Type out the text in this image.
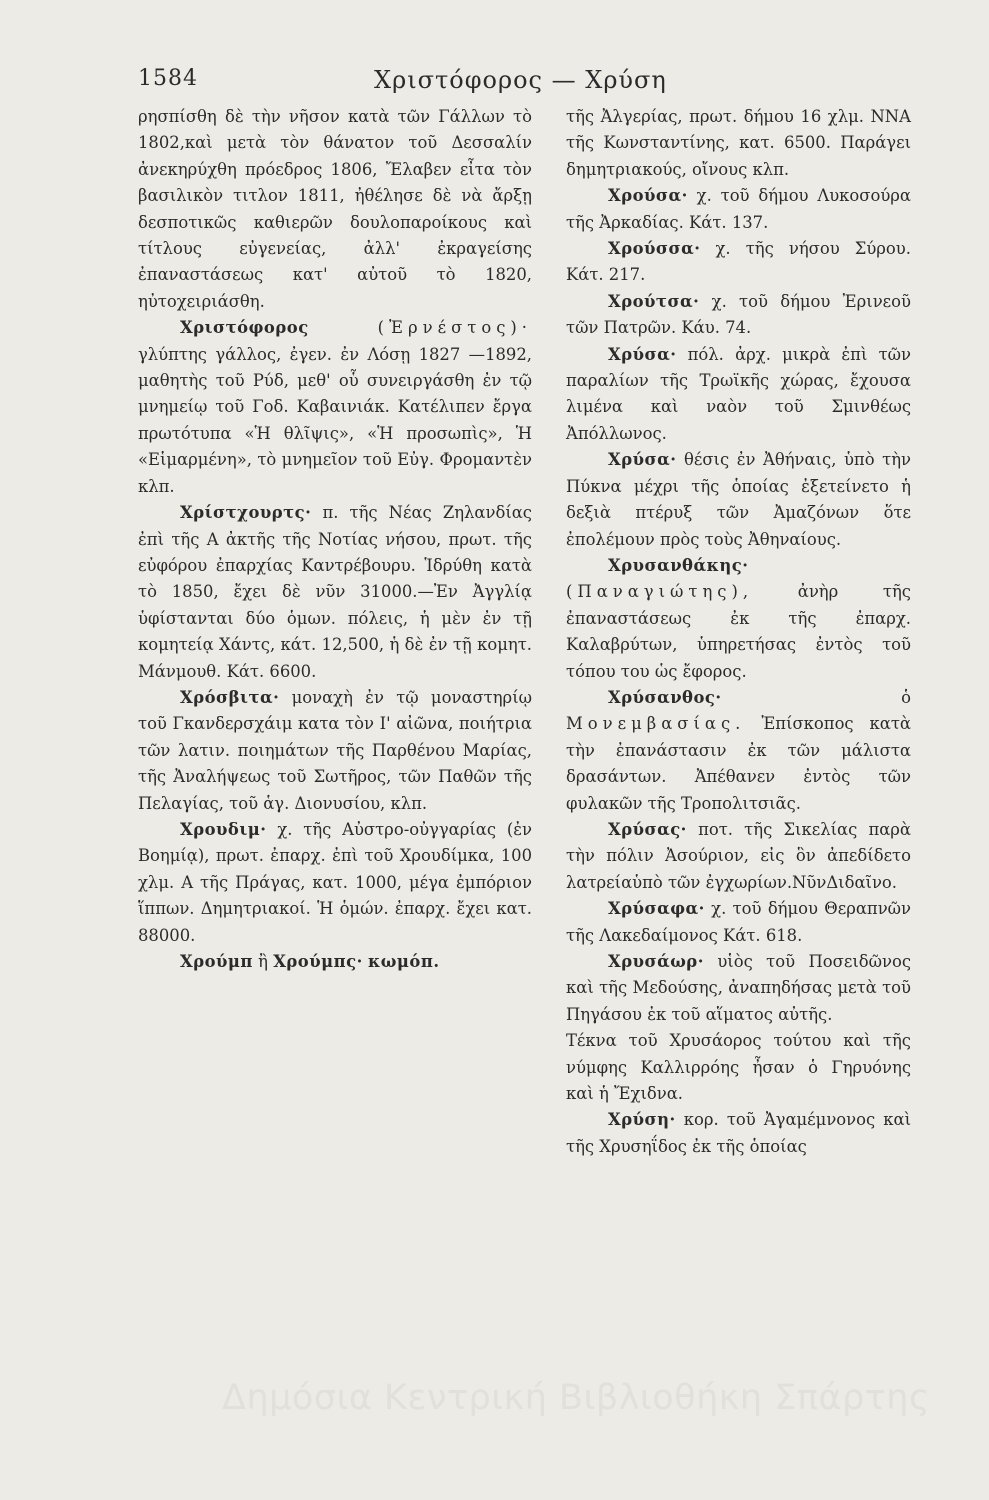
1584	Χριστόφορος — Χρύση

ρησπίσθη δὲ τὴν νῆσον κατὰ τῶν Γάλλων τὸ 1802,καὶ μετὰ τὸν θάνατον τοῦ Δεσσαλίν ἀνεκηρύχθη πρόεδρος 1806, Ἔλαβεν εἶτα τὸν βασιλικὸν τιτλον 1811, ἠθέλησε δὲ νὰ ἄρξῃ δεσποτικῶς καθιερῶν δουλοπαροίκους καὶ τίτλους εὐγενείας, ἀλλ' ἐκραγείσης ἐπαναστάσεως κατ' αὐτοῦ τὸ 1820, ηὐτοχειριάσθη.

Χριστόφορος	(Ἐρνέστος)· γλύπτης γάλλος, ἐγεν. ἐν Λόσῃ 1827 —1892, μαθητὴς τοῦ Ρύδ, μεθ' οὗ συνειργάσθη ἐν τῷ μνημείῳ τοῦ Γοδ. Καβαινιάκ. Κατέλιπεν ἔργα πρωτότυπα «Ἡ θλῖψις», «Ἡ προσωπὶς», Ἡ «Εἱμαρμένη», τὸ μνημεῖον τοῦ Εὐγ. Φρομαντὲν κλπ.

Χρίστχουρτς· π. τῆς Νέας Ζηλανδίας ἐπὶ τῆς Α ἀκτῆς τῆς Νοτίας νήσου, πρωτ. τῆς εὐφόρου ἐπαρχίας Καντρέβουρυ. Ἱδρύθη κατὰ τὸ 1850, ἔχει δὲ νῦν 31000.—Ἐν Ἀγγλίᾳ ὑφίστανται δύο ὁμων. πόλεις, ἡ μὲν ἐν τῇ κομητείᾳ Χάντς, κάτ. 12,500, ἡ δὲ ἐν τῇ κομητ. Μάνμουθ. Κάτ. 6600.

Χρόσβιτα· μοναχὴ ἐν τῷ μοναστηρίῳ τοῦ Γκανδερσχάιμ κατα τὸν Ι' αἰῶνα, ποιήτρια τῶν λατιν. ποιημάτων τῆς Παρθένου Μαρίας, τῆς Ἀναλήψεως τοῦ Σωτῆρος, τῶν Παθῶν τῆς Πελαγίας, τοῦ ἁγ. Διονυσίου, κλπ.

Χρουδιμ· χ. τῆς Αὐστρο-οὐγγαρίας (ἐν Βοημίᾳ), πρωτ. ἐπαρχ. ἐπὶ τοῦ Χρουδίμκα, 100 χλμ. Α τῆς Πράγας, κατ. 1000, μέγα ἐμπόριον ἵππων. Δημητριακοί. Ἡ ὁμών. ἐπαρχ. ἔχει κατ. 88000.

Χρούμπ ἢ Χρούμπς· κωμόπ.

τῆς Ἀλγερίας, πρωτ. δήμου 16 χλμ. ΝΝΑ τῆς Κωνσταντίνης, κατ. 6500. Παράγει δημητριακούς, οἴνους κλπ.

Χρούσα· χ. τοῦ δήμου Λυκοσούρα τῆς Ἀρκαδίας. Κάτ. 137.

Χρούσσα· χ. τῆς νήσου Σύρου. Κάτ. 217.

Χρούτσα· χ. τοῦ δήμου Ἐρινεοῦ τῶν Πατρῶν. Κάυ. 74.

Χρύσα· πόλ. ἀρχ. μικρὰ ἐπὶ τῶν παραλίων τῆς Τρωϊκῆς χώρας, ἔχουσα λιμένα καὶ ναὸν τοῦ Σμινθέως Ἀπόλλωνος.

Χρύσα· θέσις ἐν Ἀθήναις, ὑπὸ τὴν Πύκνα μέχρι τῆς ὁποίας ἐξετείνετο ἡ δεξιὰ πτέρυξ τῶν Ἀμαζόνων ὅτε ἐπολέμουν πρὸς τοὺς Ἀθηναίους.

Χρυσανθάκης· (Παναγιώτης),	ἀνὴρ τῆς ἐπαναστάσεως ἐκ τῆς ἐπαρχ. Καλαβρύτων, ὑπηρετήσας ἐντὸς τοῦ τόπου του ὡς ἔφορος.

Χρύσανθος·	ὁ Μονεμβασίας. Ἐπίσκοπος κατὰ τὴν ἐπανάστασιν ἐκ τῶν μάλιστα δρασάντων. Ἀπέθανεν ἐντὸς τῶν φυλακῶν τῆς Τροπολιτσιᾶς.

Χρύσας· ποτ. τῆς Σικελίας παρὰ τὴν πόλιν Ἀσούριον, εἰς ὃν ἀπεδίδετο λατρείαὑπὸ τῶν ἐγχωρίων.ΝῦνΔιδαῖνο.

Χρύσαφα· χ. τοῦ δήμου Θεραπνῶν τῆς Λακεδαίμονος Κάτ. 618.

Χρυσάωρ· υἱὸς τοῦ Ποσειδῶνος καὶ τῆς Μεδούσης, ἀναπηδήσας μετὰ τοῦ Πηγάσου ἐκ τοῦ αἵματος αὐτῆς.

Τέκνα τοῦ Χρυσάορος τούτου καὶ τῆς νύμφης Καλλιρρόης ἦσαν ὁ Γηρυόνης καὶ ἡ Ἔχιδνα.

Χρύση· κορ. τοῦ Ἀγαμέμνονος καὶ τῆς Χρυσηΐδος ἐκ τῆς ὁποίας

Δημόσια Κεντρική Βιβλιοθήκη Σπάρτης
